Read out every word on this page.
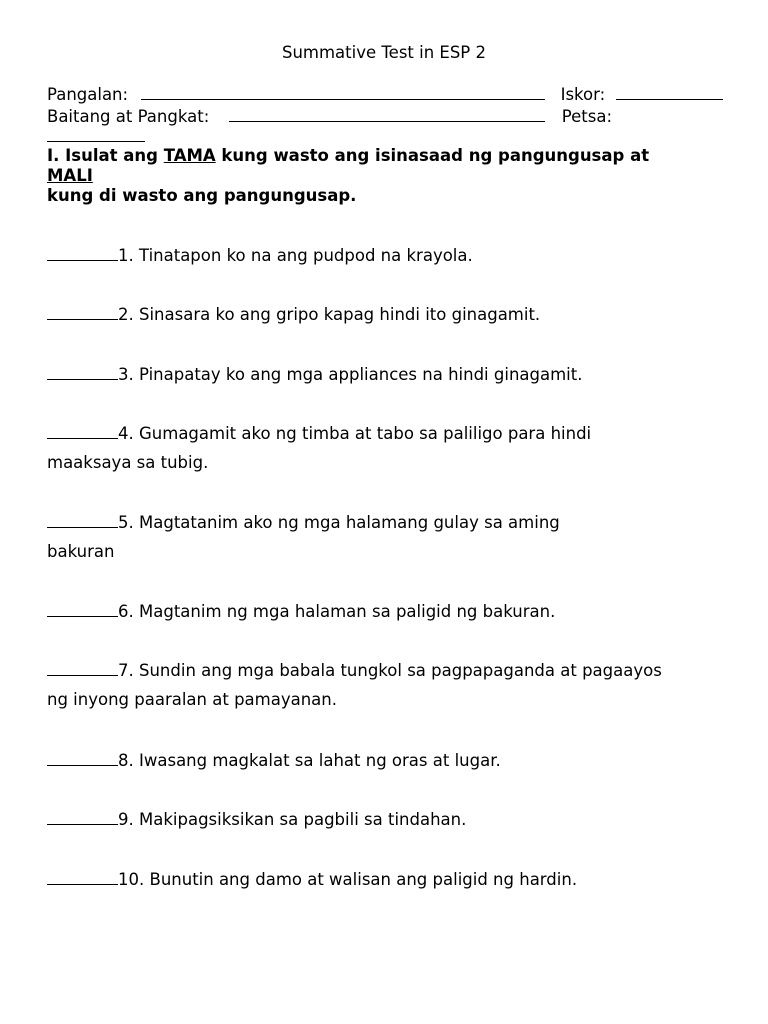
Summative Test in ESP 2
Pangalan:	Iskor:
Baitang at Pangkat:	Petsa:
I. Isulat ang TAMA kung wasto ang isinasaad ng pangungusap at
MALI
kung di wasto ang pangungusap.
1. Tinatapon ko na ang pudpod na krayola.
2. Sinasara ko ang gripo kapag hindi ito ginagamit.
3. Pinapatay ko ang mga appliances na hindi ginagamit.
4. Gumagamit ako ng timba at tabo sa paliligo para hindi
maaksaya sa tubig.
5. Magtatanim ako ng mga halamang gulay sa aming
bakuran
6. Magtanim ng mga halaman sa paligid ng bakuran.
7. Sundin ang mga babala tungkol sa pagpapaganda at pagaayos
ng inyong paaralan at pamayanan.
8. Iwasang magkalat sa lahat ng oras at lugar.
9. Makipagsiksikan sa pagbili sa tindahan.
10. Bunutin ang damo at walisan ang paligid ng hardin.
